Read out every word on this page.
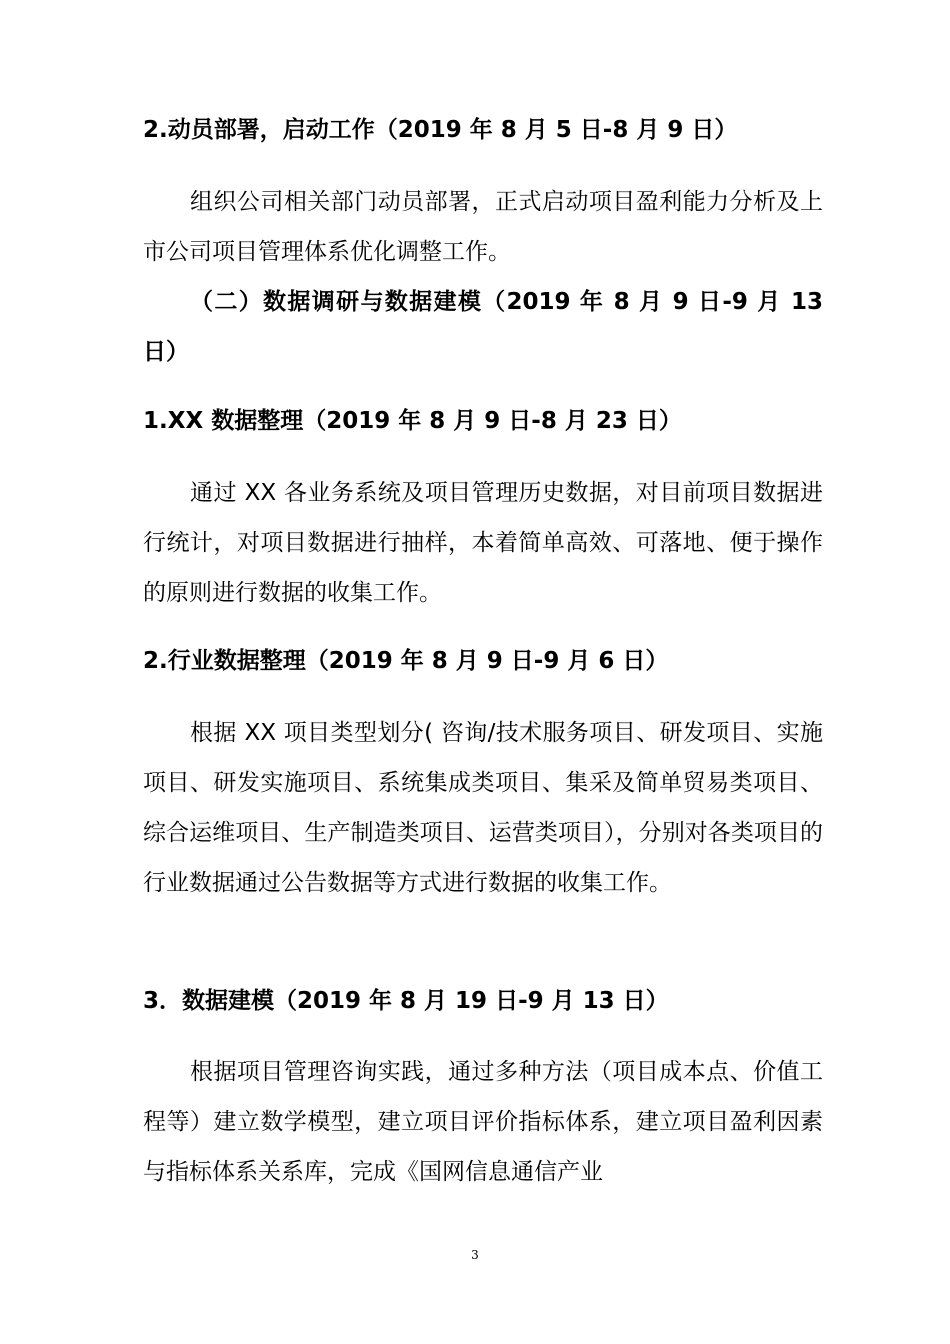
2.动员部署，启动工作（2019 年 8 月 5 日-8 月 9 日）

组织公司相关部门动员部署，正式启动项目盈利能力分析及上市公司项目管理体系优化调整工作。

（二）数据调研与数据建模（2019 年 8 月 9 日-9 月 13 日）
1.XX 数据整理（2019 年 8 月 9 日-8 月 23 日）

通过 XX 各业务系统及项目管理历史数据，对目前项目数据进行统计，对项目数据进行抽样，本着简单高效、可落地、便于操作的原则进行数据的收集工作。

2.行业数据整理（2019 年 8 月 9 日-9 月 6 日）

根据 XX 项目类型划分( 咨询/技术服务项目、研发项目、实施项目、研发实施项目、系统集成类项目、集采及简单贸易类项目、综合运维项目、生产制造类项目、运营类项目），分别对各类项目的行业数据通过公告数据等方式进行数据的收集工作。

3．数据建模（2019 年 8 月 19 日-9 月 13 日）

根据项目管理咨询实践，通过多种方法（项目成本点、价值工程等）建立数学模型，建立项目评价指标体系，建立项目盈利因素与指标体系关系库，完成《国网信息通信产业

3
